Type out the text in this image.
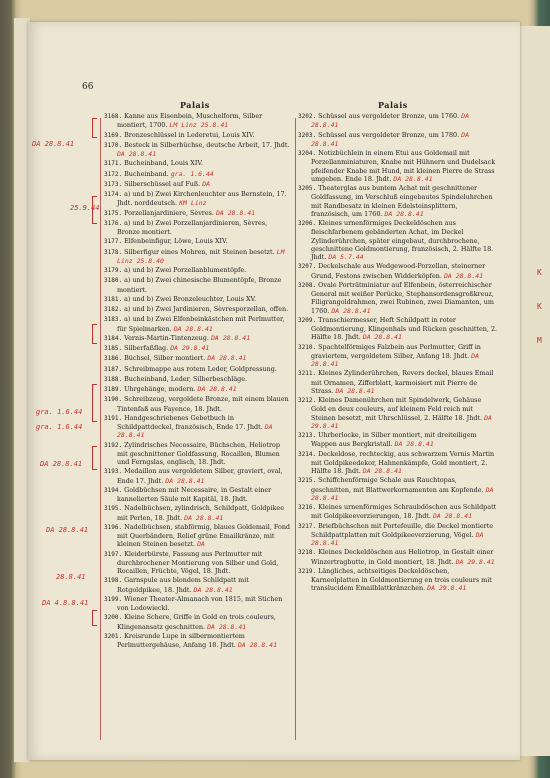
66
Palais	Palais
3168. Kanne aus Eisenbein, Muschelform, Silber montiert, 1700. LM Linz 25.8.41
3169. Bronzeschlüssel in Lederetui, Louis XIV.
3170. Besteck in Silberbüchse, deutsche Arbeit, 17. Jhdt. DA 28.8.41
3171. Bucheinband, Louis XIV.
3172. Bucheinband. gra. 1.6.44
3173. Silberschüssel auf Fuß. DA
3174. a) und b) Zwei Kirchenleuchter aus Bernstein, 17. Jhdt. norddeutsch. KM Linz
3175. Porzellanjardiniere, Sèvres. DA 28.8.41
3176. a) und b) Zwei Porzellanjardinieren, Sèvres, Bronze montiert.
3177. Elfenbeinfigur, Löwe, Louis XIV.
3178. Silberfigur eines Mohren, mit Steinen besetzt. LM Linz 25.8.40
3179. a) und b) Zwei Porzellanblumentöpfe.
3180. a) und b) Zwei chinesische Blumentöpfe, Bronze montiert.
3181. a) und b) Zwei Bronzeleuchter, Louis XV.
3182. a) und b) Zwei Jardinieren, Sèvresporzellan, offen.
3183. a) und b) Zwei Elfenbeinkästchen mit Perlmutter, für Spielmarken. DA 28.8.41
3184. Vernis-Martin-Tintenzeug. DA 28.8.41
3185. Silberfaßflag. DA 29.8.41
3186. Büchsel, Silber montiert. DA 28.8.41
3187. Schreibmappe aus rotem Leder, Goldpressung.
3188. Bucheinband, Leder, Silberbeschläge.
3189. Uhrgehänge, modern. DA 28.8.41
3190. Schreibzeug, vergoldete Bronze, mit einem blauen Tintenfaß aus Fayence, 18. Jhdt.
3191. Handgeschriebenes Gebetbuch in Schildpattdeckel, französisch, Ende 17. Jhdt. DA 28.8.41
3192. Zylindrisches Necessaire, Büchschen, Heliotrop mit geschnittener Goldfassung, Rocaillen, Blumen und Ferngslas, englisch, 18. Jhdt.
3193. Medaillon aus vergoldetem Silber, graviert, oval, Ende 17. Jhdt. DA 28.8.41
3194. Goldbüchsen mit Necessaire, in Gestalt einer kannelierten Säule mit Kapitäl, 18. Jhdt.
3195. Nadelbüchsen, zylindrisch, Schildpatt, Goldpikee mit Perlen, 18. Jhdt. DA 28.8.41
3196. Nadelbüchsen, stabförmig, blaues Goldemail, Fond mit Querbändern, Relief grüne Emailkränze, mit kleinen Steinen besetzt. DA
3197. Kleiderbürste, Fassung aus Perlmutter mit durchbrochener Montierung von Silber und Gold, Rocaillen, Früchte, Vögel, 18. Jhdt.
3198. Garnspule aus blondem Schildpatt mit Rotgoldpikee, 18. Jhdt. DA 28.8.41
3199. Wiener Theater-Almanach von 1815, mit Stichen von Lodowieckl.
3200. Kleine Schere, Griffe in Gold en trois couleurs, Klingenansatz geschnitten. DA 28.8.41
3201. Kreisrunde Lupe in silbermontiertem Perlmuttergehäuse, Anfang 18. Jhdt. DA 28.8.41
3202. Schüssel aus vergoldeter Bronze, um 1760. DA 28.8.41
3203. Schüssel aus vergoldeter Bronze, um 1780. DA 28.8.41
3204. Notizbüchlein in einem Etui aus Goldemail mit Porzellanminiaturen, Knabe mit Hühnern und Dudelsack pfeifender Knabe mit Hund, mit kleinen Pierre de Strass umgeben. Ende 18. Jhdt. DA 28.8.41
3205. Theaterglas aus buntem Achat mit geschnittener Goldfassung, im Verschluß eingebautes Spindeluhrchen mit Randbesatz in kleinen Edelsteinsplittern, französisch, um 1760. DA 28.8.41
3206. Kleines urnenförmiges Deckeldöschen aus fleischfarbenem gebänderten Achat, im Deckel Zylinderührchen, später eingebaut, durchbrochene, geschnittene Goldmontierung, französisch, 2. Hälfte 18. Jhdt. DA 5.7.44
3207. Deckelschale aus Wedgewood-Porzellan, steinerner Grund, Festons zwischen Widderköpfen. DA 28.8.41
3208. Ovale Porträtminiatur auf Elfenbein, österreichischer General mit weißer Perücke, Stephansordensgroßkreuz, Filigrangoldrahmen, zwei Rubinen, zwei Diamanten, um 1760. DA 28.8.41
3209. Transchiermesser, Heft Schildpatt in roter Goldmontierung, Klingenhals und Rücken geschnitten, 2. Hälfte 18. Jhdt. DA 28.8.41
3210. Spachtelförmiges Falzbein aus Perlmutter, Griff in graviertem, vergoldetem Silber, Anfang 18. Jhdt. DA 28.8.41
3211. Kleines Zylinderührchen, Revers deckel, blaues Email mit Ornamen, Zifferblatt, karmoisiert mit Pierre de Strass. DA 28.8.41
3212. Kleines Damenührchen mit Spindelwerk, Gehäuse Gold en deux couleurs, auf kleinem Feld reich mit Steinen besetzt, mit Uhrschlüssel, 2. Hälfte 18. Jhdt. DA 29.8.41
3213. Uhrberlocke, in Silber montiert, mit dreiteiligem Wappen aus Bergkristall. DA 28.8.41
3214. Deckeldose, rechteckig, aus schwarzem Vernis Martin mit Goldpikeedekor, Hahnenkämpfe, Gold montiert, 2. Hälfte 18. Jhdt. DA 28.8.41
3215. Schiffchenförmige Schale aus Rauchtopas, geschnitten, mit Blattwerkornamenten am Kopfende. DA 28.8.41
3216. Kleines urnenförmiges Schraubdöschen aus Schildpatt mit Goldpikeeverzierungen, 18. Jhdt. DA 28.8.41
3217. Briefbüchschen mit Portefeuille, die Deckel montierte Schildpattplatten mit Goldpikeeverzierung, Vögel. DA 28.8.41
3218. Kleines Deckeldöschen aus Heliotrop, in Gestalt einer Winzertragbutte, in Gold montiert, 18. Jhdt. DA 29.8.41
3219. Längliches, achtseitiges Deckeldöschen, Karneolplatten in Goldmontierung en trois couleurs mit translucidem Emailblattkränzchen. DA 29.8.41
DA 28.8.41
25.9.44
gra. 1.6.44
gra. 1.6.44
DA 28.8.41
DA 28.8.41
28.8.41
DA 4.8.8.41
K
K
M
